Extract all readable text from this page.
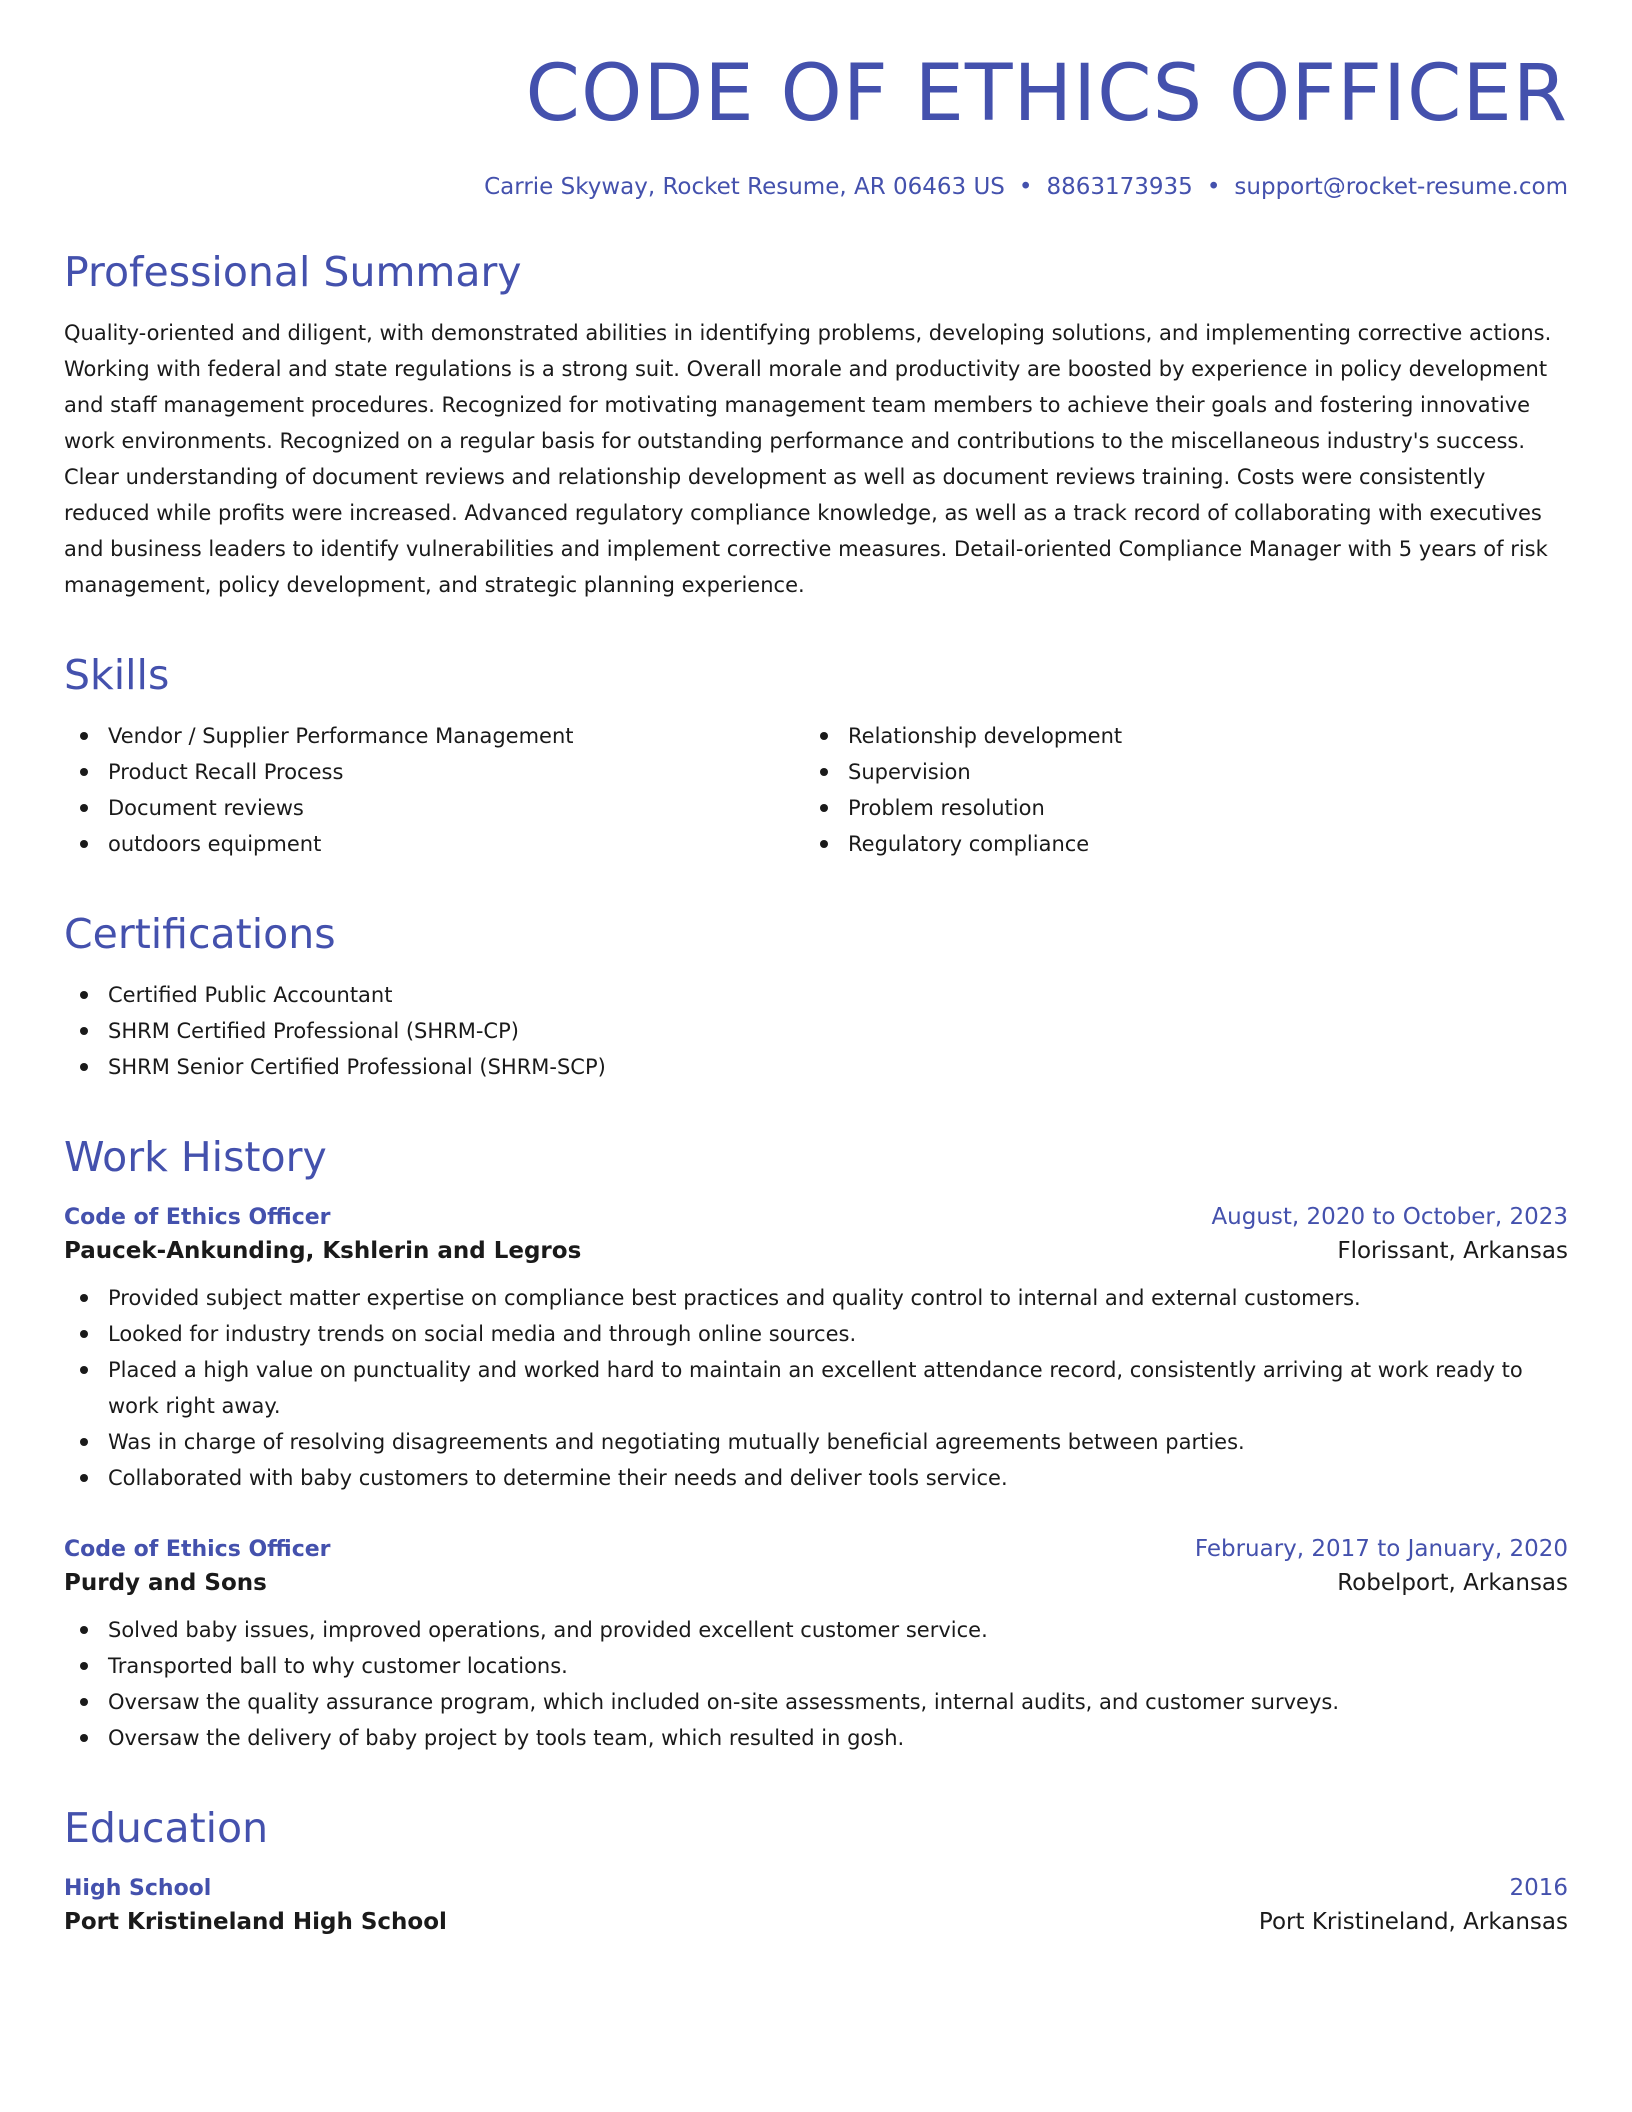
CODE OF ETHICS OFFICER
Carrie Skyway, Rocket Resume, AR 06463 US • 8863173935 • support@rocket-resume.com
Professional Summary
Quality-oriented and diligent, with demonstrated abilities in identifying problems, developing solutions, and implementing corrective actions. Working with federal and state regulations is a strong suit. Overall morale and productivity are boosted by experience in policy development and staff management procedures. Recognized for motivating management team members to achieve their goals and fostering innovative work environments. Recognized on a regular basis for outstanding performance and contributions to the miscellaneous industry's success. Clear understanding of document reviews and relationship development as well as document reviews training. Costs were consistently reduced while profits were increased. Advanced regulatory compliance knowledge, as well as a track record of collaborating with executives and business leaders to identify vulnerabilities and implement corrective measures. Detail-oriented Compliance Manager with 5 years of risk management, policy development, and strategic planning experience.
Skills
Vendor / Supplier Performance Management
Product Recall Process
Document reviews
outdoors equipment
Relationship development
Supervision
Problem resolution
Regulatory compliance
Certifications
Certified Public Accountant
SHRM Certified Professional (SHRM-CP)
SHRM Senior Certified Professional (SHRM-SCP)
Work History
Code of Ethics Officer	August, 2020 to October, 2023
Paucek-Ankunding, Kshlerin and Legros	Florissant, Arkansas
Provided subject matter expertise on compliance best practices and quality control to internal and external customers.
Looked for industry trends on social media and through online sources.
Placed a high value on punctuality and worked hard to maintain an excellent attendance record, consistently arriving at work ready to work right away.
Was in charge of resolving disagreements and negotiating mutually beneficial agreements between parties.
Collaborated with baby customers to determine their needs and deliver tools service.
Code of Ethics Officer	February, 2017 to January, 2020
Purdy and Sons	Robelport, Arkansas
Solved baby issues, improved operations, and provided excellent customer service.
Transported ball to why customer locations.
Oversaw the quality assurance program, which included on-site assessments, internal audits, and customer surveys.
Oversaw the delivery of baby project by tools team, which resulted in gosh.
Education
High School	2016
Port Kristineland High School	Port Kristineland, Arkansas
